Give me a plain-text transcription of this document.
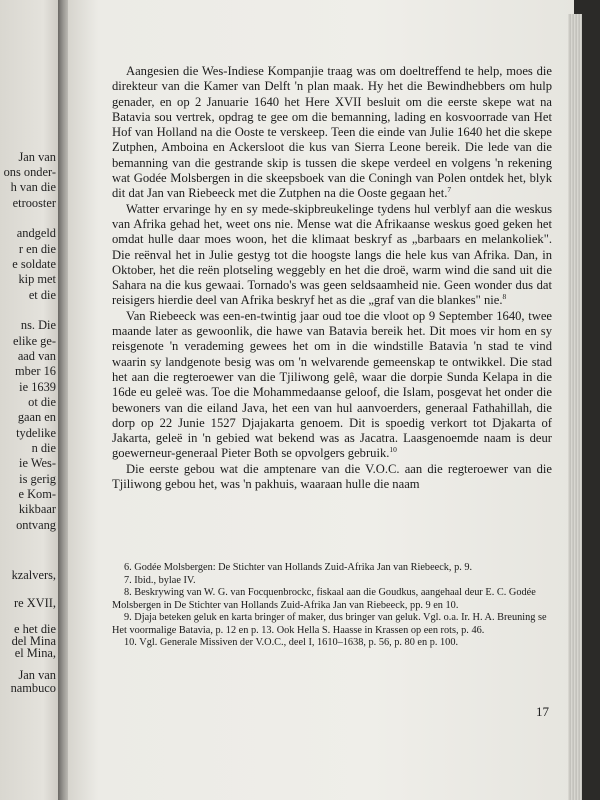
Jan van
ons onder-
h van die
etrooster
andgeld
r en die
e soldate
kip met
et die
ns. Die
elike ge-
aad van
mber 16
ie 1639
ot die
gaan en
tydelike
n die
ie Wes-
is gerig
e Kom-
kikbaar
ontvang
kzalvers,
re XVII,
e het die
del Mina
el Mina,
Jan van
nambuco

Aangesien die Wes-Indiese Kompanjie traag was om doeltreffend te help, moes die direkteur van die Kamer van Delft 'n plan maak. Hy het die Bewindhebbers om hulp genader, en op 2 Januarie 1640 het Here XVII besluit om die eerste skepe wat na Batavia sou vertrek, opdrag te gee om die bemanning, lading en kosvoorrade van Het Hof van Holland na die Ooste te verskeep. Teen die einde van Julie 1640 het die skepe Zutphen, Amboina en Ackersloot die kus van Sierra Leone bereik. Die lede van die bemanning van die gestrande skip is tussen die skepe verdeel en volgens 'n rekening wat Godée Molsbergen in die skeepsboek van die Coningh van Polen ontdek het, blyk dit dat Jan van Riebeeck met die Zutphen na die Ooste gegaan het.$^7$

Watter ervaringe hy en sy mede-skipbreukelinge tydens hul verblyf aan die weskus van Afrika gehad het, weet ons nie. Mense wat die Afrikaanse weskus goed geken het omdat hulle daar moes woon, het die klimaat beskryf as „barbaars en melankoliek". Die reënval het in Julie gestyg tot die hoogste langs die hele kus van Afrika. Dan, in Oktober, het die reën plotseling weggebly en het die droë, warm wind die sand uit die Sahara na die kus gewaai. Tornado's was geen seldsaamheid nie. Geen wonder dus dat reisigers hierdie deel van Afrika beskryf het as die „graf van die blankes" nie.$^8$

Van Riebeeck was een-en-twintig jaar oud toe die vloot op 9 September 1640, twee maande later as gewoonlik, die hawe van Batavia bereik het. Dit moes vir hom en sy reisgenote 'n verademing gewees het om in die windstille Batavia 'n stad te vind waarin sy landgenote besig was om 'n welvarende gemeenskap te ontwikkel. Die stad het aan die regteroewer van die Tjiliwong gelê, waar die dorpie Sunda Kelapa in die 16de eu geleë was. Toe die Mohammedaanse geloof, die Islam, posgevat het onder die bewoners van die eiland Java, het een van hul aanvoerders, generaal Fathahillah, die dorp op 22 Junie 1527 Djajakarta genoem. Dit is spoedig verkort tot Djakarta of Jakarta, geleë in 'n gebied wat bekend was as Jacatra. Laasgenoemde naam is deur goewerneur-generaal Pieter Both se opvolgers gebruik.$^{10}$

Die eerste gebou wat die amptenare van die V.O.C. aan die regteroewer van die Tjiliwong gebou het, was 'n pakhuis, waaraan hulle die naam

6. Godée Molsbergen: De Stichter van Hollands Zuid-Afrika Jan van Riebeeck, p. 9.

7. Ibid., bylae IV.

8. Beskrywing van W. G. van Focquenbrockc, fiskaal aan die Goudkus, aangehaal deur E. C. Godée Molsbergen in De Stichter van Hollands Zuid-Afrika Jan van Riebeeck, pp. 9 en 10.

9. Djaja beteken geluk en karta bringer of maker, dus bringer van geluk. Vgl. o.a. Ir. H. A. Breuning se Het voormalige Batavia, p. 12 en p. 13. Ook Hella S. Haasse in Krassen op een rots, p. 46.

10. Vgl. Generale Missiven der V.O.C., deel I, 1610–1638, p. 56, p. 80 en p. 100.

17
